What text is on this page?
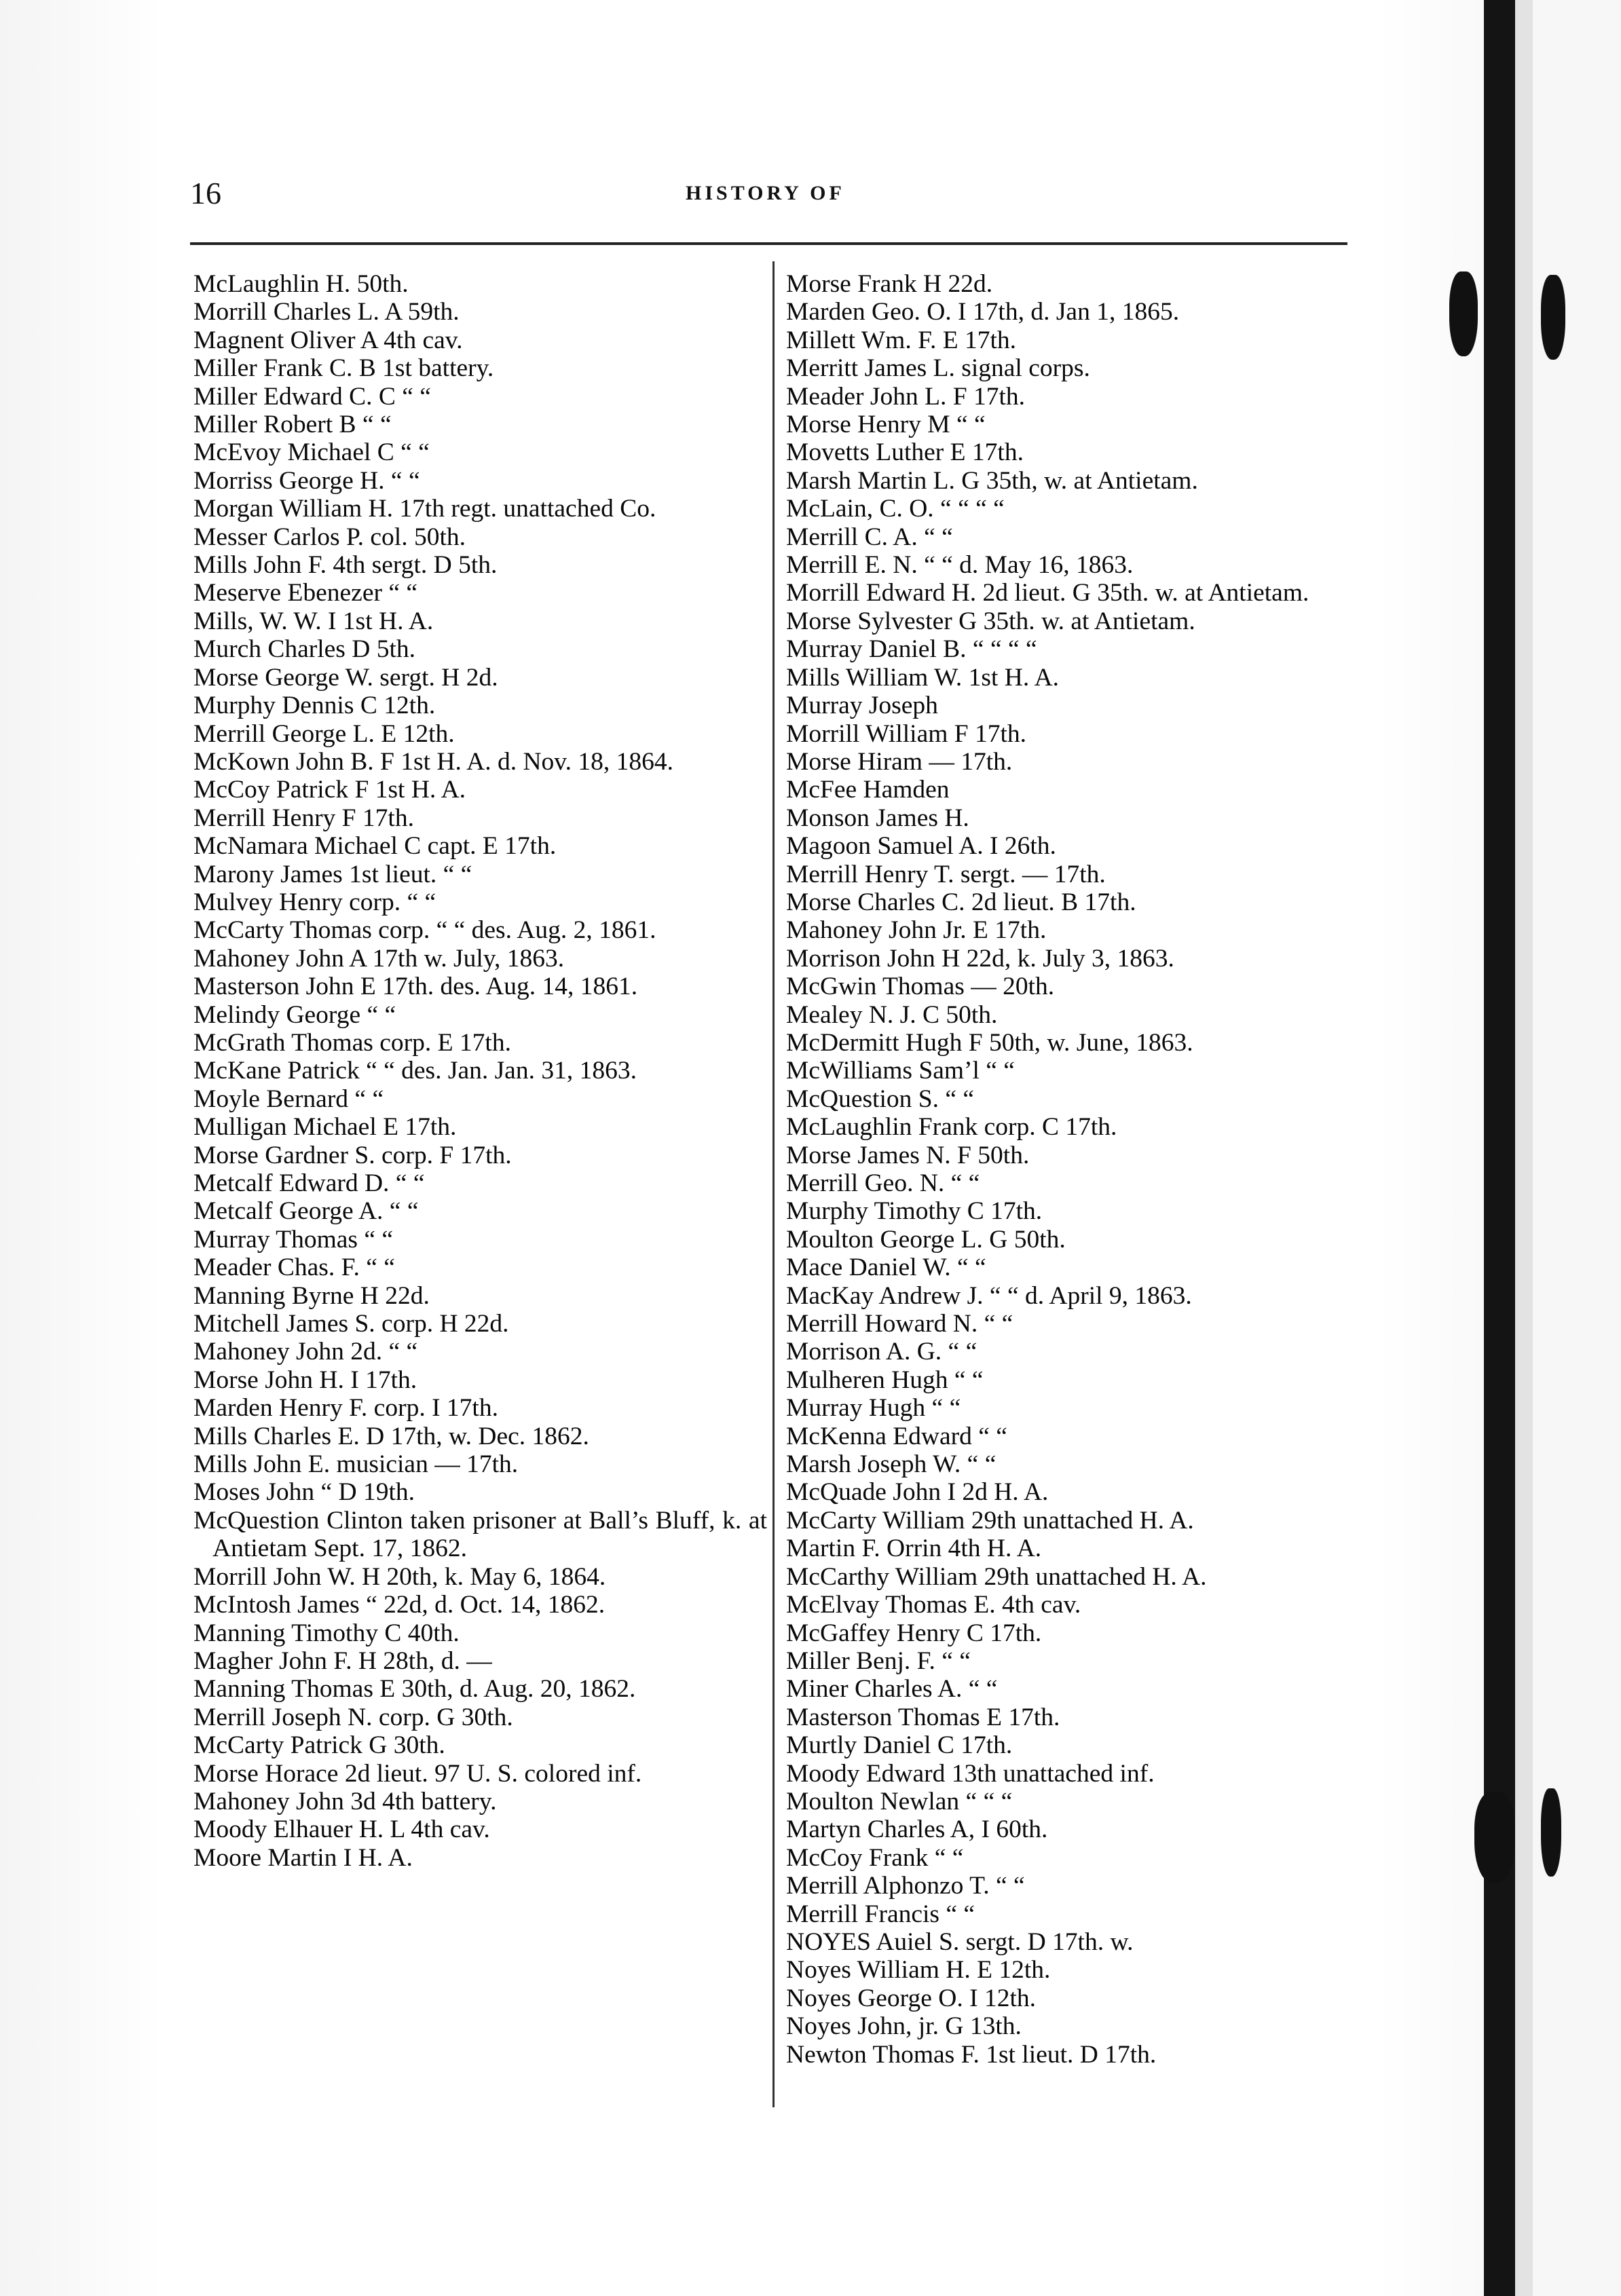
16	HISTORY OF
McLaughlin H. 50th.
Morrill Charles L. A 59th.
Magnent Oliver A 4th cav.
Miller Frank C. B 1st battery.
Miller Edward C. C “ “
Miller Robert B “ “
McEvoy Michael C “ “
Morriss George H. “ “
Morgan William H. 17th regt. unattached Co.
Messer Carlos P. col. 50th.
Mills John F. 4th sergt. D 5th.
Meserve Ebenezer “ “
Mills, W. W. I 1st H. A.
Murch Charles D 5th.
Morse George W. sergt. H 2d.
Murphy Dennis C 12th.
Merrill George L. E 12th.
McKown John B. F 1st H. A. d. Nov. 18, 1864.
McCoy Patrick F 1st H. A.
Merrill Henry F 17th.
McNamara Michael C capt. E 17th.
Marony James 1st lieut. “ “
Mulvey Henry corp. “ “
McCarty Thomas corp. “ “ des. Aug. 2, 1861.
Mahoney John A 17th w. July, 1863.
Masterson John E 17th. des. Aug. 14, 1861.
Melindy George “ “
McGrath Thomas corp. E 17th.
McKane Patrick “ “ des. Jan. Jan. 31, 1863.
Moyle Bernard “ “
Mulligan Michael E 17th.
Morse Gardner S. corp. F 17th.
Metcalf Edward D. “ “
Metcalf George A. “ “
Murray Thomas “ “
Meader Chas. F. “ “
Manning Byrne H 22d.
Mitchell James S. corp. H 22d.
Mahoney John 2d. “ “
Morse John H. I 17th.
Marden Henry F. corp. I 17th.
Mills Charles E. D 17th, w. Dec. 1862.
Mills John E. musician — 17th.
Moses John “ D 19th.
McQuestion Clinton taken prisoner at Ball’s Bluff, k. at Antietam Sept. 17, 1862.
Morrill John W. H 20th, k. May 6, 1864.
McIntosh James “ 22d, d. Oct. 14, 1862.
Manning Timothy C 40th.
Magher John F. H 28th, d. —
Manning Thomas E 30th, d. Aug. 20, 1862.
Merrill Joseph N. corp. G 30th.
McCarty Patrick G 30th.
Morse Horace 2d lieut. 97 U. S. colored inf.
Mahoney John 3d 4th battery.
Moody Elhauer H. L 4th cav.
Moore Martin I H. A.
Morse Frank H 22d.
Marden Geo. O. I 17th, d. Jan 1, 1865.
Millett Wm. F. E 17th.
Merritt James L. signal corps.
Meader John L. F 17th.
Morse Henry M “ “
Movetts Luther E 17th.
Marsh Martin L. G 35th, w. at Antietam.
McLain, C. O. “ “ “ “
Merrill C. A. “ “
Merrill E. N. “ “ d. May 16, 1863.
Morrill Edward H. 2d lieut. G 35th. w. at Antietam.
Morse Sylvester G 35th. w. at Antietam.
Murray Daniel B. “ “ “ “
Mills William W. 1st H. A.
Murray Joseph
Morrill William F 17th.
Morse Hiram — 17th.
McFee Hamden
Monson James H.
Magoon Samuel A. I 26th.
Merrill Henry T. sergt. — 17th.
Morse Charles C. 2d lieut. B 17th.
Mahoney John Jr. E 17th.
Morrison John H 22d, k. July 3, 1863.
McGwin Thomas — 20th.
Mealey N. J. C 50th.
McDermitt Hugh F 50th, w. June, 1863.
McWilliams Sam’l “ “
McQuestion S. “ “
McLaughlin Frank corp. C 17th.
Morse James N. F 50th.
Merrill Geo. N. “ “
Murphy Timothy C 17th.
Moulton George L. G 50th.
Mace Daniel W. “ “
MacKay Andrew J. “ “ d. April 9, 1863.
Merrill Howard N. “ “
Morrison A. G. “ “
Mulheren Hugh “ “
Murray Hugh “ “
McKenna Edward “ “
Marsh Joseph W. “ “
McQuade John I 2d H. A.
McCarty William 29th unattached H. A.
Martin F. Orrin 4th H. A.
McCarthy William 29th unattached H. A.
McElvay Thomas E. 4th cav.
McGaffey Henry C 17th.
Miller Benj. F. “ “
Miner Charles A. “ “
Masterson Thomas E 17th.
Murtly Daniel C 17th.
Moody Edward 13th unattached inf.
Moulton Newlan “ “ “
Martyn Charles A, I 60th.
McCoy Frank “ “
Merrill Alphonzo T. “ “
Merrill Francis “ “
NOYES Auiel S. sergt. D 17th. w.
Noyes William H. E 12th.
Noyes George O. I 12th.
Noyes John, jr. G 13th.
Newton Thomas F. 1st lieut. D 17th.
